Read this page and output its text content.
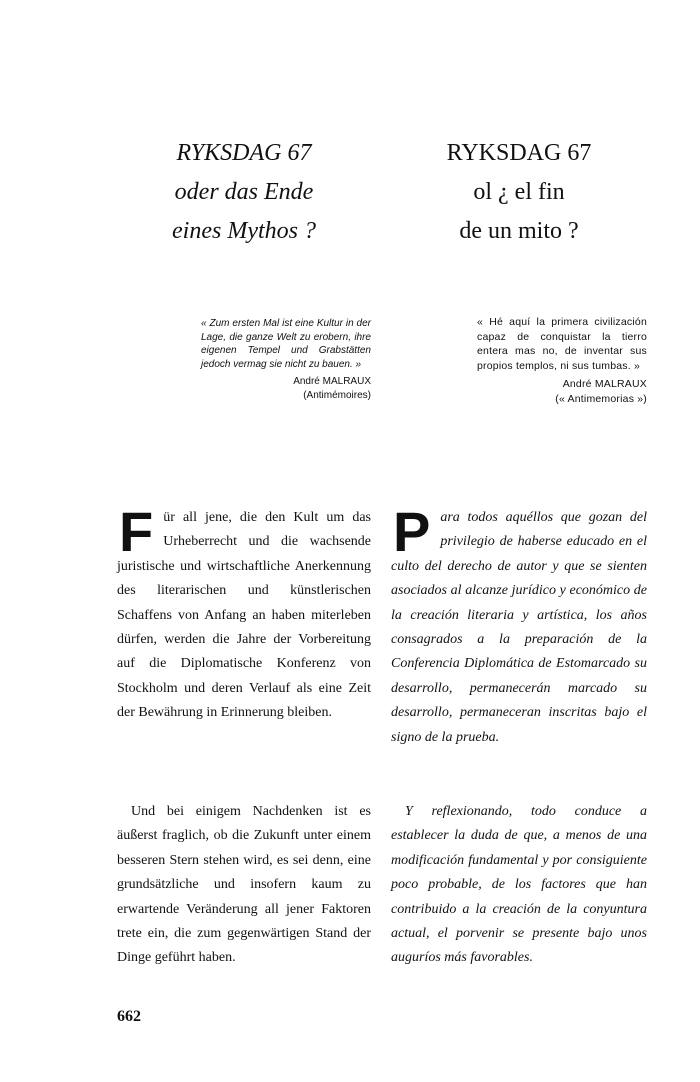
RYKSDAG 67
oder das Ende
eines Mythos ?
RYKSDAG 67
ol ¿ el fin
de un mito ?
« Zum ersten Mal ist eine Kultur in der Lage, die ganze Welt zu erobern, ihre eigenen Tempel und Grabstätten jedoch vermag sie nicht zu bauen. »
André MALRAUX
(Antimémoires)
« Hé aquí la primera civilización capaz de conquistar la tierro entera mas no, de inventar sus propios templos, ni sus tumbas. »
André MALRAUX
(« Antimemorias »)

Für all jene, die den Kult um das Urheberrecht und die wachsende juristische und wirtschaftliche Anerkennung des literarischen und künstlerischen Schaffens von Anfang an haben miterleben dürfen, werden die Jahre der Vorbereitung auf die Diplomatische Konferenz von Stockholm und deren Verlauf als eine Zeit der Bewährung in Erinnerung bleiben.

Und bei einigem Nachdenken ist es äußerst fraglich, ob die Zukunft unter einem besseren Stern stehen wird, es sei denn, eine grundsätzliche und insofern kaum zu erwartende Veränderung all jener Faktoren trete ein, die zum gegenwärtigen Stand der Dinge geführt haben.

Para todos aquéllos que gozan del privilegio de haberse educado en el culto del derecho de autor y que se sienten asociados al alcanze jurídico y económico de la creación literaria y artística, los años consagrados a la preparación de la Conferencia Diplomática de Estomarcado su desarrollo, permanecerán marcado su desarrollo, permaneceran inscritas bajo el signo de la prueba.

Y reflexionando, todo conduce a establecer la duda de que, a menos de una modificación fundamental y por consiguiente poco probable, de los factores que han contribuido a la creación de la conyuntura actual, el porvenir se presente bajo unos auguríos más favorables.

662
